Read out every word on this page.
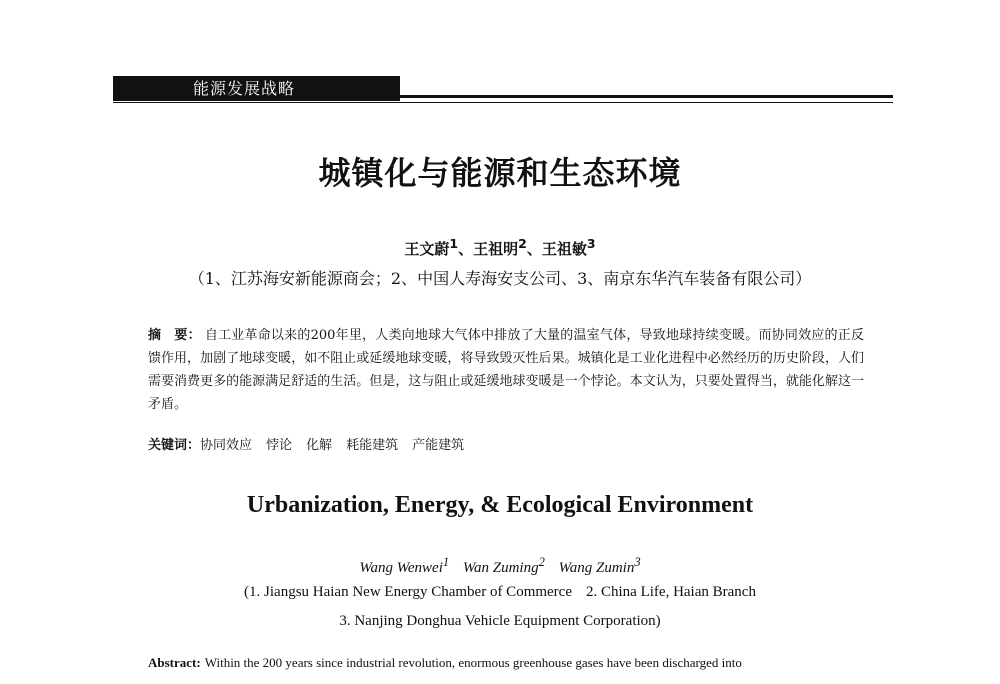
能源发展战略
城镇化与能源和生态环境
王文蔚$^1$、王祖明$^2$、王祖敏$^3$
（1、江苏海安新能源商会；2、中国人寿海安支公司、3、南京东华汽车装备有限公司）
摘　要： 自工业革命以来的200年里，人类向地球大气体中排放了大量的温室气体，导致地球持续变暖。而协同效应的正反馈作用，加剧了地球变暖，如不阻止或延缓地球变暖，将导致毁灭性后果。城镇化是工业化进程中必然经历的历史阶段，人们需要消费更多的能源满足舒适的生活。但是，这与阻止或延缓地球变暖是一个悖论。本文认为，只要处置得当，就能化解这一矛盾。
关键词：协同效应 悖论 化解 耗能建筑 产能建筑
Urbanization, Energy, & Ecological Environment
Wang Wenwei$^1$ Wan Zuming$^2$ Wang Zumin$^3$
(1. Jiangsu Haian New Energy Chamber of Commerce 2. China Life, Haian Branch
3. Nanjing Donghua Vehicle Equipment Corporation)
Abstract: Within the 200 years since industrial revolution, enormous greenhouse gases have been discharged into
